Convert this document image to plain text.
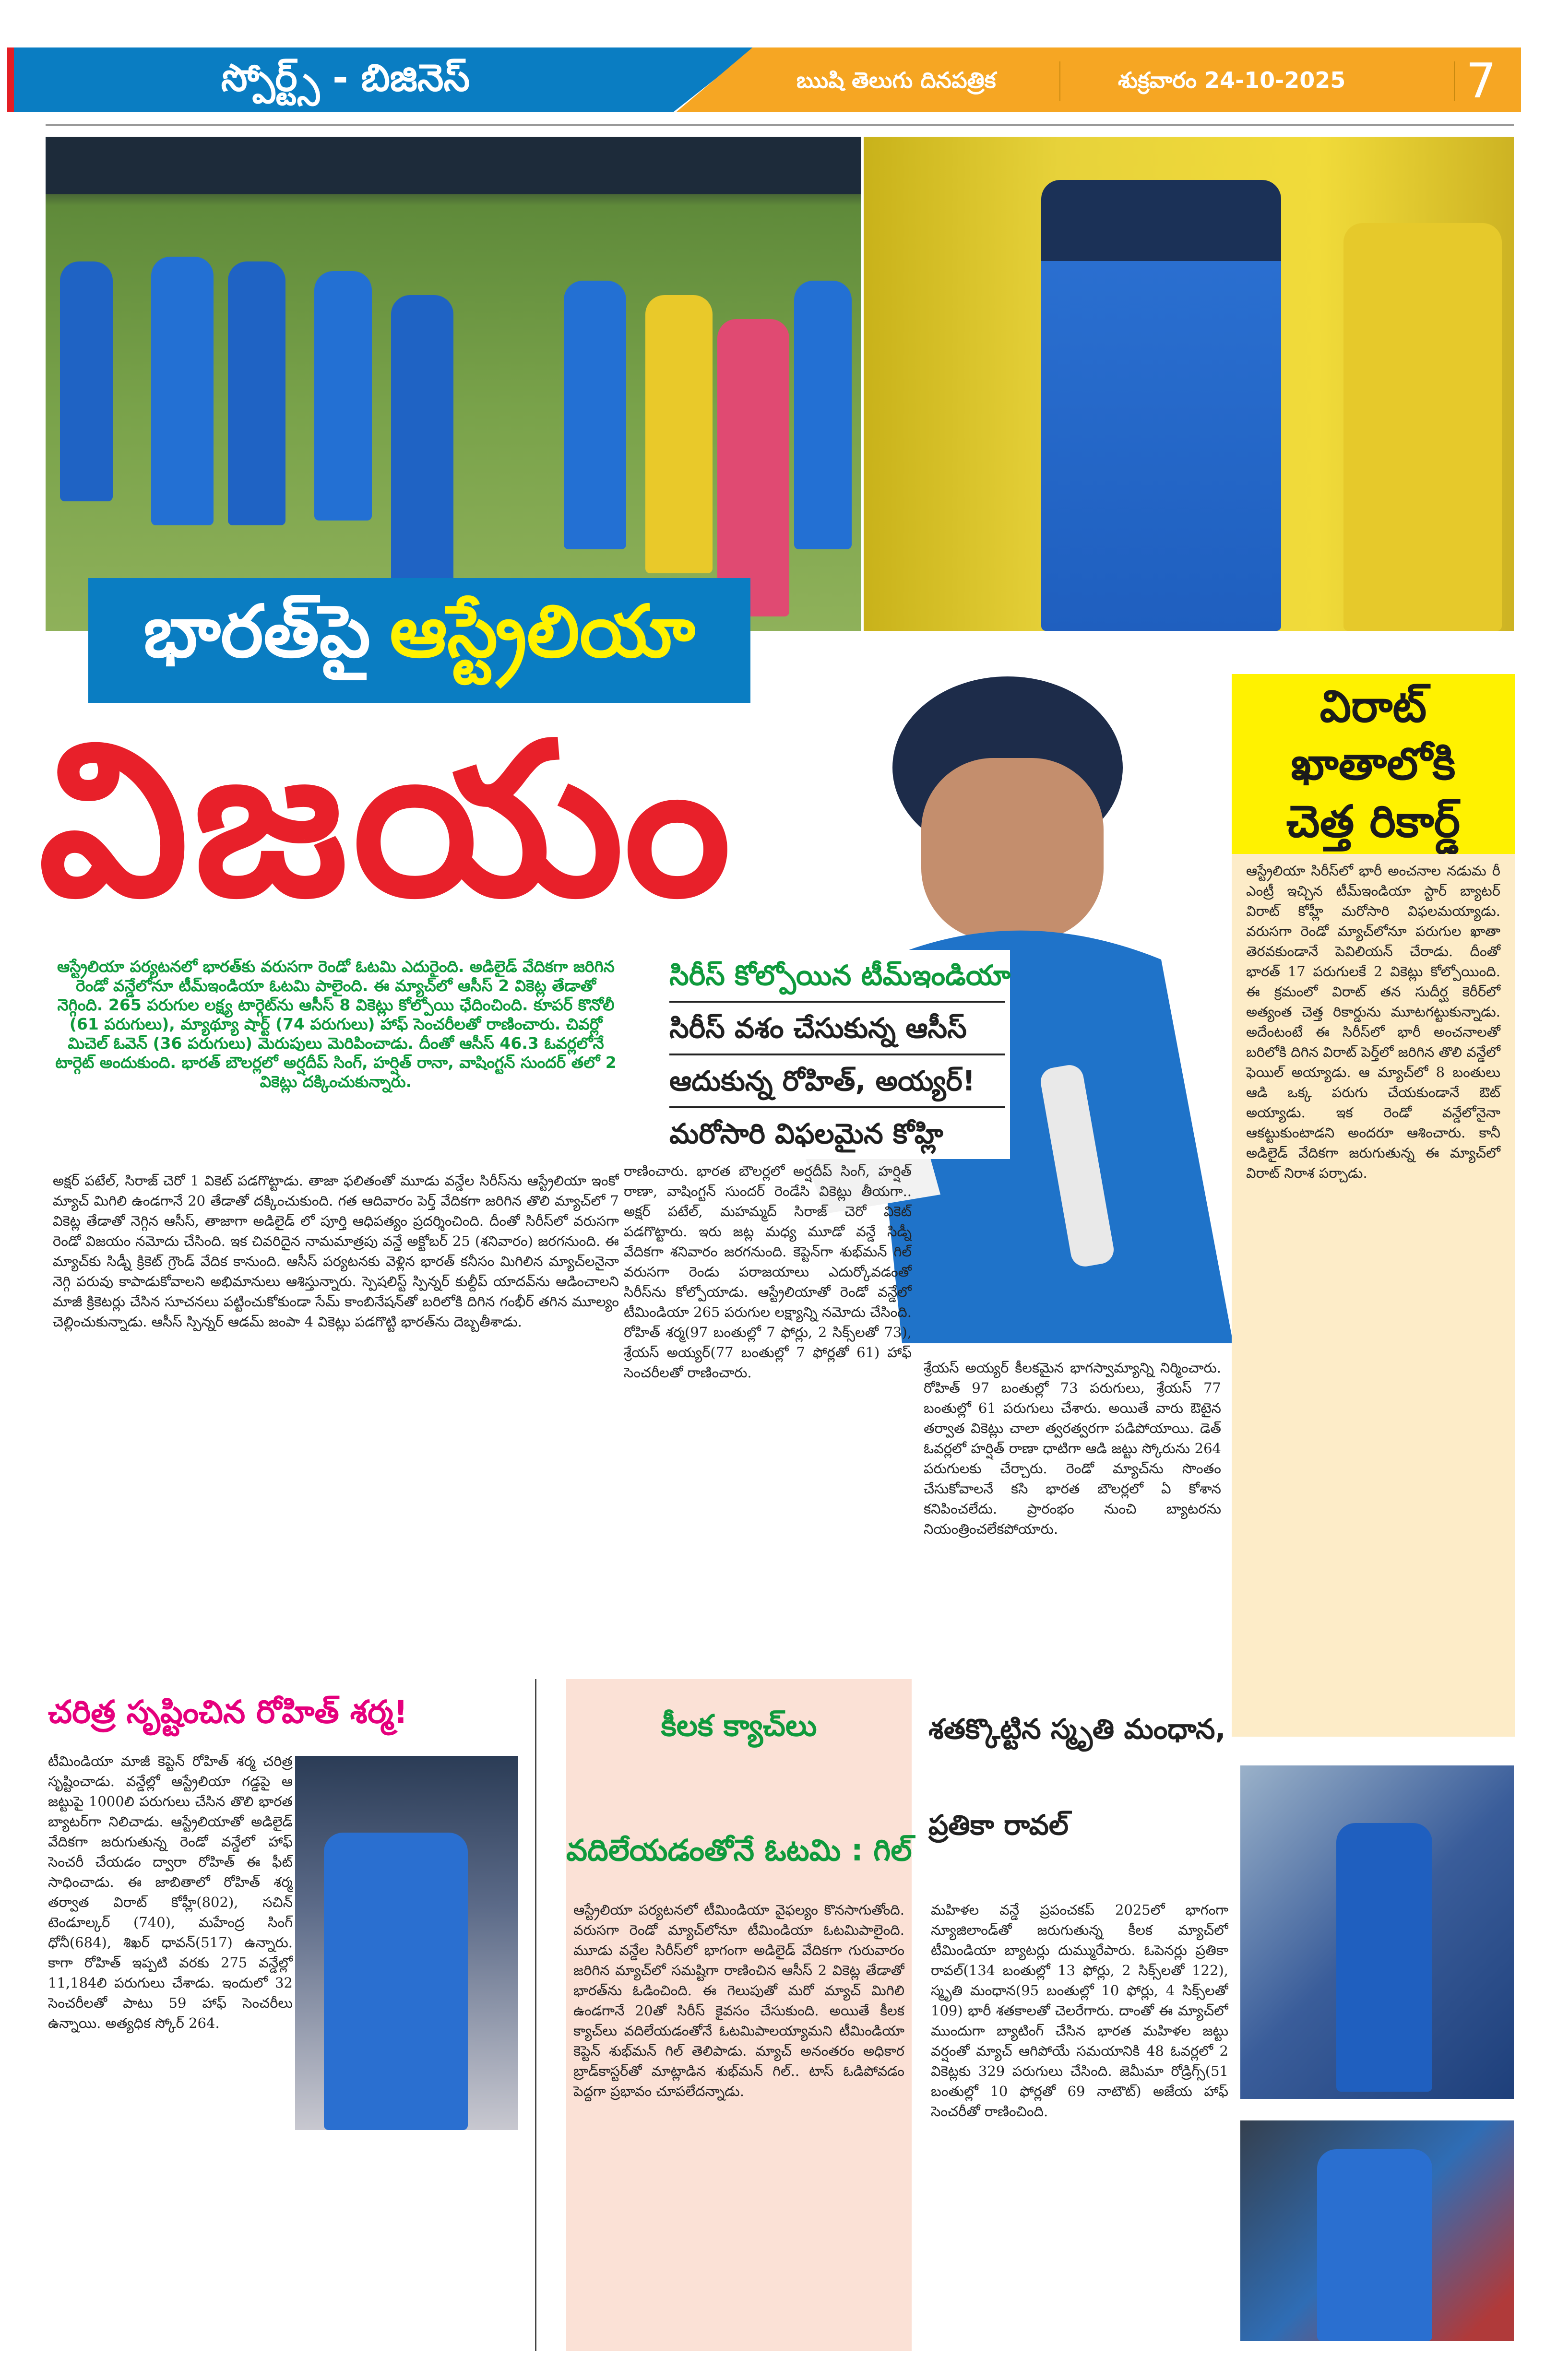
స్పోర్ట్స్ - బిజినెస్	ఋషి తెలుగు దినపత్రిక	శుక్రవారం 24-10-2025	7
భారత్‌పై ఆస్ట్రేలియా
విజయం
సిరీస్ కోల్పోయిన టీమ్‌ఇండియా
సిరీస్ వశం చేసుకున్న ఆసీస్
ఆదుకున్న రోహిత్, అయ్యర్!
మరోసారి విఫలమైన కోహ్లి
ఆస్ట్రేలియా పర్యటనలో భారత్‌కు వరుసగా రెండో ఓటమి ఎదురైంది. అడిలైడ్ వేదికగా జరిగిన రెండో వన్డేలోనూ టీమ్‌ఇండియా ఓటమి పాలైంది. ఈ మ్యాచ్‌లో ఆసీస్ 2 వికెట్ల తేడాతో నెగ్గింది. 265 పరుగుల లక్ష్య టార్గెట్‌ను ఆసీస్ 8 వికెట్లు కోల్పోయి ఛేదించింది. కూపర్ కొనోలీ (61 పరుగులు), మ్యాథ్యూ షార్ట్ (74 పరుగులు) హాఫ్ సెంచరీలతో రాణించారు. చివర్లో మిచెల్ ఓవెన్ (36 పరుగులు) మెరుపులు మెరిపించాడు. దీంతో ఆసీస్ 46.3 ఓవర్లలోనే టార్గెట్ అందుకుంది. భారత్ బౌలర్లలో అర్షదీప్ సింగ్, హర్షిత్ రానా, వాషింగ్టన్ సుందర్ తలో 2 వికెట్లు దక్కించుకున్నారు.
అక్షర్ పటేల్, సిరాజ్ చెరో 1 వికెట్ పడగొట్టాడు. తాజా ఫలితంతో మూడు వన్డేల సిరీస్‌ను ఆస్ట్రేలియా ఇంకో మ్యాచ్ మిగిలి ఉండగానే 20 తేడాతో దక్కించుకుంది. గత ఆదివారం పెర్త్ వేదికగా జరిగిన తొలి మ్యాచ్‌లో 7 వికెట్ల తేడాతో నెగ్గిన ఆసీస్, తాజాగా అడిలైడ్ లో పూర్తి ఆధిపత్యం ప్రదర్శించింది. దీంతో సిరీస్‌లో వరుసగా రెండో విజయం నమోదు చేసింది. ఇక చివరిదైన నామమాత్రపు వన్డే అక్టోబర్ 25 (శనివారం) జరగనుంది. ఈ మ్యాచ్‌కు సిడ్నీ క్రికెట్ గ్రౌండ్ వేదిక కానుంది. ఆసీస్ పర్యటనకు వెళ్లిన భారత్ కనీసం మిగిలిన మ్యాచ్‌లనైనా నెగ్గి పరువు కాపాడుకోవాలని అభిమానులు ఆశిస్తున్నారు. స్పెషలిస్ట్ స్పిన్నర్ కుల్దీప్ యాదవ్‌ను ఆడించాలని మాజీ క్రికెటర్లు చేసిన సూచనలు పట్టించుకోకుండా సేమ్ కాంబినేషన్‌తో బరిలోకి దిగిన గంభీర్ తగిన మూల్యం చెల్లించుకున్నాడు. ఆసీస్ స్పిన్నర్ ఆడమ్ జంపా 4 వికెట్లు పడగొట్టి భారత్‌ను దెబ్బతీశాడు.
శ్రేయస్ అయ్యర్ కీలకమైన భాగస్వామ్యాన్ని నిర్మించారు. రోహిత్ 97 బంతుల్లో 73 పరుగులు, శ్రేయస్ 77 బంతుల్లో 61 పరుగులు చేశారు. అయితే వారు ఔటైన తర్వాత వికెట్లు చాలా త్వరత్వరగా పడిపోయాయి. డెత్ ఓవర్లలో హర్షిత్ రాణా ధాటిగా ఆడి జట్టు స్కోరును 264 పరుగులకు చేర్చారు. రెండో మ్యాచ్‌ను సొంతం చేసుకోవాలనే కసి భారత బౌలర్లలో ఏ కోశాన కనిపించలేదు. ప్రారంభం నుంచి బ్యాటరను నియంత్రించలేకపోయారు.
రాణించారు. భారత బౌలర్లలో అర్షదీప్ సింగ్, హర్షిత్ రాణా, వాషింగ్టన్ సుందర్ రెండేసి వికెట్లు తీయగా.. అక్షర్ పటేల్, మహమ్మద్ సిరాజ్ చెరో వికెట్ పడగొట్టారు. ఇరు జట్ల మధ్య మూడో వన్డే సిడ్నీ వేదికగా శనివారం జరగనుంది. కెప్టెన్‌గా శుభ్‌మన్ గిల్ వరుసగా రెండు పరాజయాలు ఎదుర్కోవడంతో సిరీస్‌ను కోల్పోయాడు. ఆస్ట్రేలియాతో రెండో వన్డేలో టీమిండియా 265 పరుగుల లక్ష్యాన్ని నమోదు చేసింది. రోహిత్ శర్మ(97 బంతుల్లో 7 ఫోర్లు, 2 సిక్స్‌లతో 73), శ్రేయస్ అయ్యర్(77 బంతుల్లో 7 ఫోర్లతో 61) హాఫ్ సెంచరీలతో రాణించారు.
విరాట్
ఖాతాలోకి
చెత్త రికార్డ్

ఆస్ట్రేలియా సిరీస్‌లో భారీ అంచనాల నడుమ రీ ఎంట్రీ ఇచ్చిన టీమ్‌ఇండియా స్టార్ బ్యాటర్ విరాట్ కోహ్లీ మరోసారి విఫలమయ్యాడు. వరుసగా రెండో మ్యాచ్‌లోనూ పరుగుల ఖాతా తెరవకుండానే పెవిలియన్ చేరాడు. దీంతో భారత్ 17 పరుగులకే 2 వికెట్లు కోల్పోయింది. ఈ క్రమంలో విరాట్ తన సుదీర్ఘ కెరీర్‌లో అత్యంత చెత్త రికార్డును మూటగట్టుకున్నాడు. అదేంటంటే ఈ సిరీస్‌లో భారీ అంచనాలతో బరిలోకి దిగిన విరాట్ పెర్త్‌లో జరిగిన తొలి వన్డేలో ఫెయిల్ అయ్యాడు. ఆ మ్యాచ్‌లో 8 బంతులు ఆడి ఒక్క పరుగు చేయకుండానే ఔట్ అయ్యాడు. ఇక రెండో వన్డేలోనైనా ఆకట్టుకుంటాడని అందరూ ఆశించారు. కానీ అడిలైడ్ వేదికగా జరుగుతున్న ఈ మ్యాచ్‌లో విరాట్ నిరాశ పర్చాడు.

చరిత్ర సృష్టించిన రోహిత్ శర్మ!
టీమిండియా మాజీ కెప్టెన్ రోహిత్ శర్మ చరిత్ర సృష్టించాడు. వన్డేల్లో ఆస్ట్రేలియా గడ్డపై ఆ జట్టుపై 1000లి పరుగులు చేసిన తొలి భారత బ్యాటర్‌గా నిలిచాడు. ఆస్ట్రేలియాతో అడిలైడ్ వేదికగా జరుగుతున్న రెండో వన్డేలో హాఫ్ సెంచరీ చేయడం ద్వారా రోహిత్ ఈ ఫీట్ సాధించాడు. ఈ జాబితాలో రోహిత్ శర్మ తర్వాత విరాట్ కోహ్లీ(802), సచిన్ టెండూల్కర్ (740), మహేంద్ర సింగ్ ధోనీ(684), శిఖర్ ధావన్(517) ఉన్నారు. కాగా రోహిత్ ఇప్పటి వరకు 275 వన్డేల్లో 11,184లి పరుగులు చేశాడు. ఇందులో 32 సెంచరీలతో పాటు 59 హాఫ్ సెంచరీలు ఉన్నాయి. అత్యధిక స్కోర్ 264.
కీలక క్యాచ్‌లు
వదిలేయడంతోనే ఓటమి : గిల్
ఆస్ట్రేలియా పర్యటనలో టీమిండియా వైఫల్యం కొనసాగుతోంది. వరుసగా రెండో మ్యాచ్‌లోనూ టీమిండియా ఓటమిపాలైంది. మూడు వన్డేల సిరీస్‌లో భాగంగా అడిలైడ్ వేదికగా గురువారం జరిగిన మ్యాచ్‌లో సమష్టిగా రాణించిన ఆసీస్ 2 వికెట్ల తేడాతో భారత్‌ను ఓడించింది. ఈ గెలుపుతో మరో మ్యాచ్ మిగిలి ఉండగానే 20తో సిరీస్ కైవసం చేసుకుంది. అయితే కీలక క్యాచ్‌లు వదిలేయడంతోనే ఓటమిపాలయ్యామని టీమిండియా కెప్టెన్ శుభ్‌మన్ గిల్ తెలిపాడు. మ్యాచ్ అనంతరం అధికార బ్రాడ్‌కాస్టర్‌తో మాట్లాడిన శుభ్‌మన్ గిల్.. టాస్ ఓడిపోవడం పెద్దగా ప్రభావం చూపలేదన్నాడు.
శతక్కొట్టిన స్మృతి మంధాన,
ప్రతికా రావల్
మహిళల వన్డే ప్రపంచకప్ 2025లో భాగంగా న్యూజిలాండ్‌తో జరుగుతున్న కీలక మ్యాచ్‌లో టీమిండియా బ్యాటర్లు దుమ్మురేపారు. ఓపెనర్లు ప్రతికా రావల్(134 బంతుల్లో 13 ఫోర్లు, 2 సిక్స్‌లతో 122), స్మృతి మంధాన(95 బంతుల్లో 10 ఫోర్లు, 4 సిక్స్‌లతో 109) భారీ శతకాలతో చెలరేగారు. దాంతో ఈ మ్యాచ్‌లో ముందుగా బ్యాటింగ్ చేసిన భారత మహిళల జట్టు వర్షంతో మ్యాచ్ ఆగిపోయే సమయానికి 48 ఓవర్లలో 2 వికెట్లకు 329 పరుగులు చేసింది. జెమీమా రోడ్రిగ్స్(51 బంతుల్లో 10 ఫోర్లతో 69 నాటౌట్) అజేయ హాఫ్ సెంచరీతో రాణించింది.
